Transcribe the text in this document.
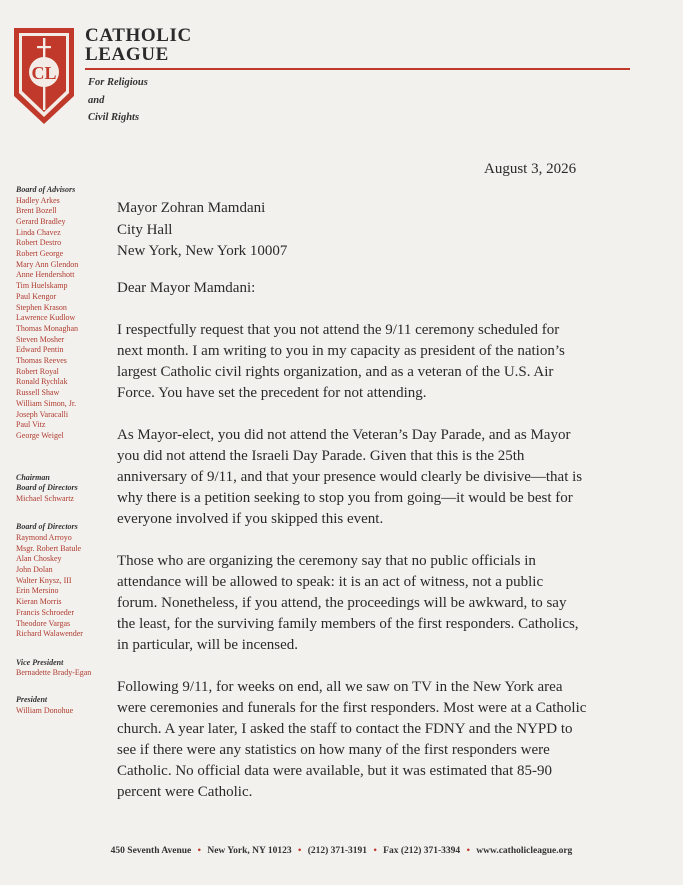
CL
CATHOLIC
LEAGUE
For Religious
and
Civil Rights
August 3, 2026
Board of Advisors
Hadley Arkes
Brent Bozell
Gerard Bradley
Linda Chavez
Robert Destro
Robert George
Mary Ann Glendon
Anne Hendershott
Tim Huelskamp
Paul Kengor
Stephen Krason
Lawrence Kudlow
Thomas Monaghan
Steven Mosher
Edward Pentin
Thomas Reeves
Robert Royal
Ronald Rychlak
Russell Shaw
William Simon, Jr.
Joseph Varacalli
Paul Vitz
George Weigel
Chairman
Board of Directors
Michael Schwartz
Board of Directors
Raymond Arroyo
Msgr. Robert Batule
Alan Choskey
John Dolan
Walter Knysz, III
Erin Mersino
Kieran Morris
Francis Schroeder
Theodore Vargas
Richard Walawender
Vice President
Bernadette Brady-Egan
President
William Donohue

Mayor Zohran Mamdani

City Hall

New York, New York 10007

Dear Mayor Mamdani:

I respectfully request that you not attend the 9/11 ceremony scheduled for next month. I am writing to you in my capacity as president of the nation’s largest Catholic civil rights organization, and as a veteran of the U.S. Air Force. You have set the precedent for not attending.

As Mayor-elect, you did not attend the Veteran’s Day Parade, and as Mayor you did not attend the Israeli Day Parade. Given that this is the 25th anniversary of 9/11, and that your presence would clearly be divisive—that is why there is a petition seeking to stop you from going—it would be best for everyone involved if you skipped this event.

Those who are organizing the ceremony say that no public officials in attendance will be allowed to speak: it is an act of witness, not a public forum. Nonetheless, if you attend, the proceedings will be awkward, to say the least, for the surviving family members of the first responders. Catholics, in particular, will be incensed.

Following 9/11, for weeks on end, all we saw on TV in the New York area were ceremonies and funerals for the first responders. Most were at a Catholic church. A year later, I asked the staff to contact the FDNY and the NYPD to see if there were any statistics on how many of the first responders were Catholic. No official data were available, but it was estimated that 85-90 percent were Catholic.

450 Seventh Avenue • New York, NY 10123 • (212) 371-3191 • Fax (212) 371-3394 • www.catholicleague.org
